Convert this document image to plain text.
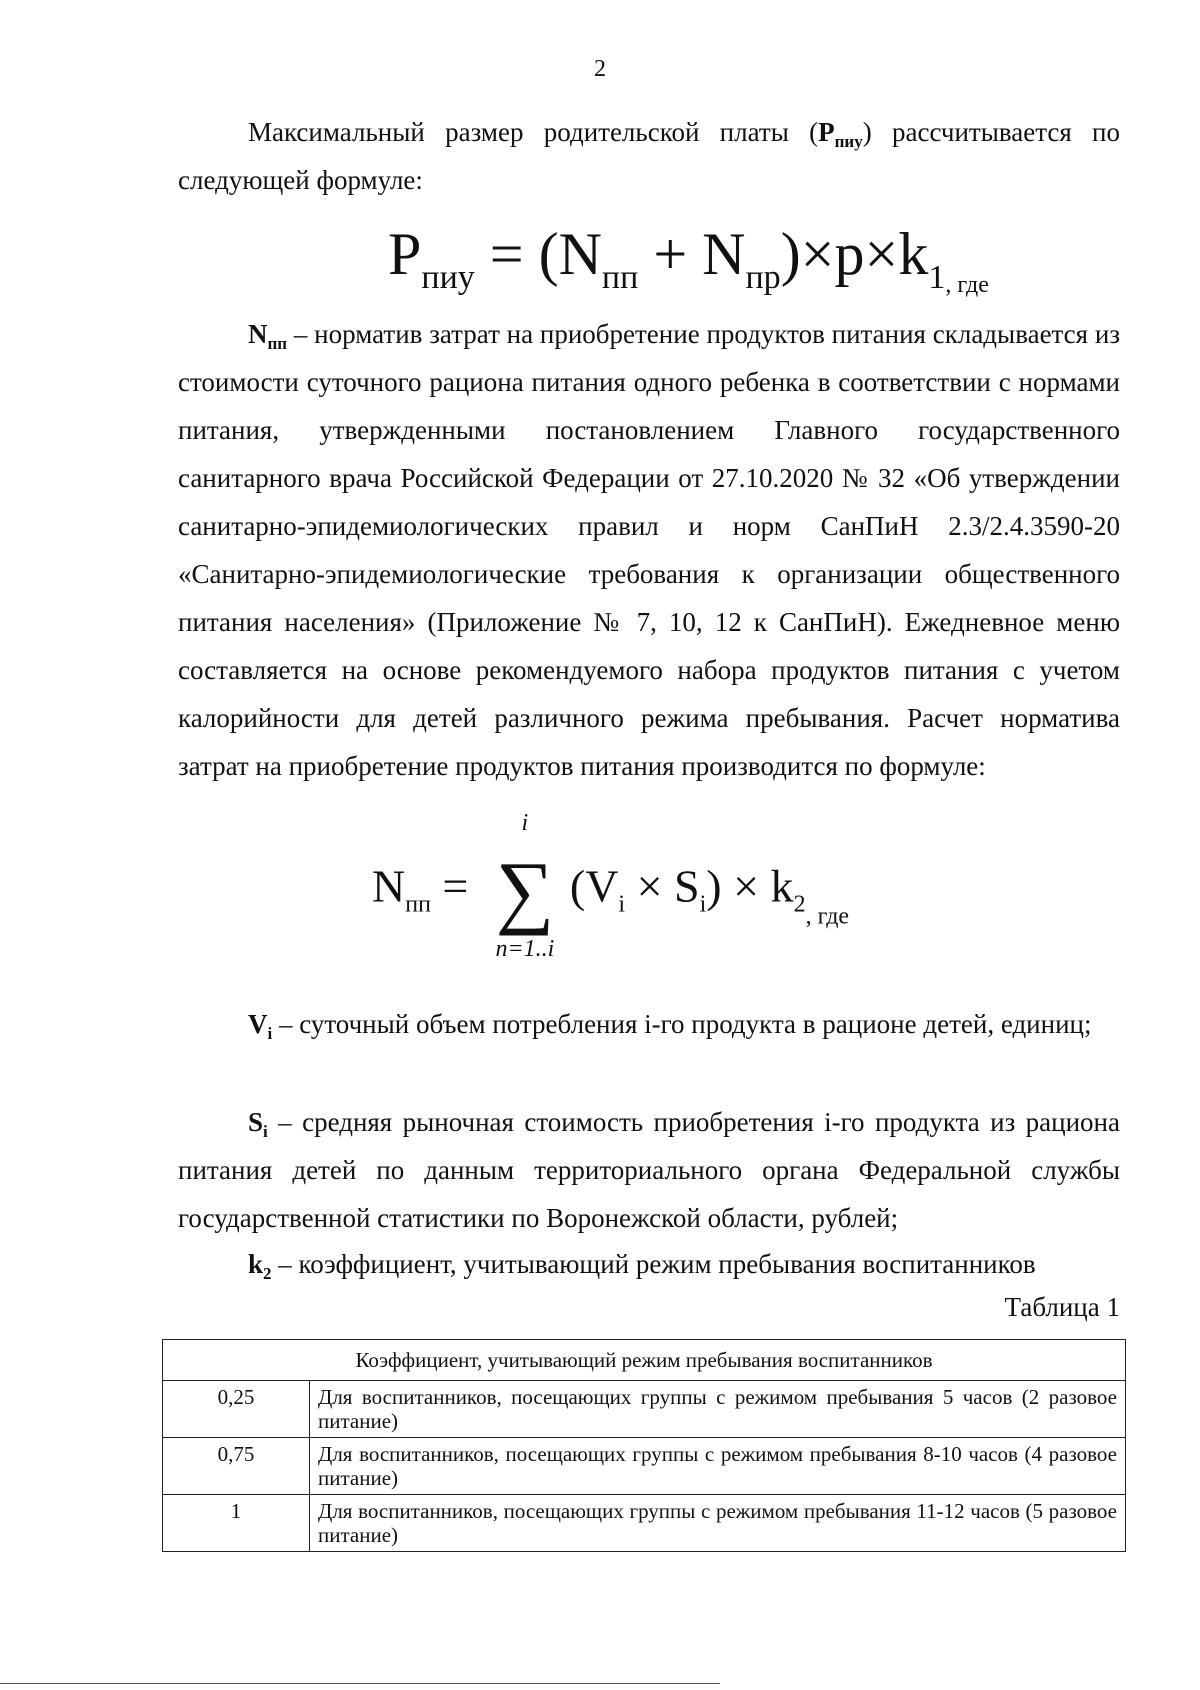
2

Максимальный размер родительской платы $(Р_{пиу})$ рассчитывается по следующей формуле:

$P_{пиу} = (N_{пп} + N_{пр})\times p\times k_{1, где}$

$N_{пп}$ – норматив затрат на приобретение продуктов питания складывается из стоимости суточного рациона питания одного ребенка в соответствии с нормами питания, утвержденными постановлением Главного государственного санитарного врача Российской Федерации от 27.10.2020 № 32 «Об утверждении санитарно-эпидемиологических правил и норм СанПиН 2.3/2.4.3590-20 «Санитарно-эпидемиологические требования к организации общественного питания населения» (Приложение № 7, 10, 12 к СанПиН). Ежедневное меню составляется на основе рекомендуемого набора продуктов питания с учетом калорийности для детей различного режима пребывания. Расчет норматива затрат на приобретение продуктов питания производится по формуле:

$N_{пп}$ =
i
∑
n=1..i
$(V_i \times S_i) \times k_{2, где}$

$V_i$ – суточный объем потребления i-го продукта в рационе детей, единиц;

$S_i$ – средняя рыночная стоимость приобретения i-го продукта из рациона питания детей по данным территориального органа Федеральной службы государственной статистики по Воронежской области, рублей;

$k_2$ – коэффициент, учитывающий режим пребывания воспитанников

Таблица 1
Коэффициент, учитывающий режим пребывания воспитанников	
0,25	Для воспитанников, посещающих группы с режимом пребывания 5 часов (2 разовое питание)
0,75	Для воспитанников, посещающих группы с режимом пребывания 8-10 часов (4 разовое питание)
1	Для воспитанников, посещающих группы с режимом пребывания 11-12 часов (5 разовое питание)
